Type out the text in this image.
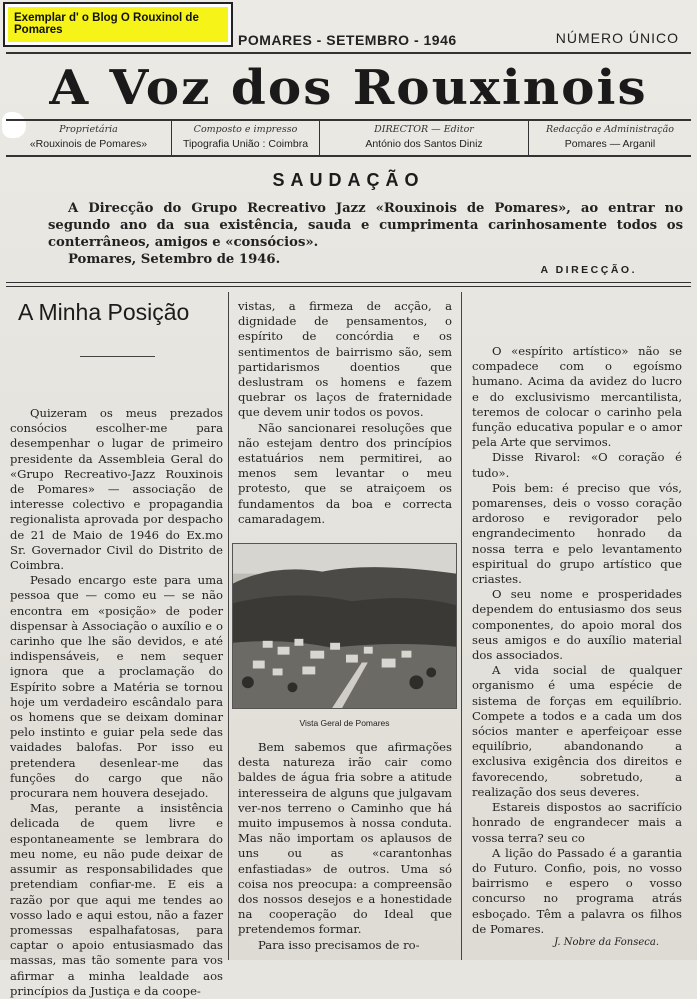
Exemplar d' o Blog O Rouxinol de Pomares
POMARES - SETEMBRO - 1946	NÚMERO ÚNICO
A Voz dos Rouxinois
Proprietária
«Rouxinois de Pomares»
Composto e impresso
Tipografia União : Coimbra
DIRECTOR — Editor
António dos Santos Diniz
Redacção e Administração
Pomares — Arganil
SAUDAÇÃO

A Direcção do Grupo Recreativo Jazz «Rouxinois de Pomares», ao entrar no segundo ano da sua existência, sauda e cumprimenta carinhosamente todos os conterrâneos, amigos e «consócios».

Pomares, Setembro de 1946.
A DIRECÇÃO.
A Minha Posição

Quizeram os meus prezados consócios escolher-me para desempenhar o lugar de primeiro presidente da Assembleia Geral do «Grupo Recreativo-Jazz Rouxinois de Pomares» — associação de interesse colectivo e propagandia regionalista aprovada por despacho de 21 de Maio de 1946 do Ex.mo Sr. Governador Civil do Distrito de Coimbra.

Pesado encargo este para uma pessoa que — como eu — se não encontra em «posição» de poder dispensar à Associação o auxílio e o carinho que lhe são devidos, e até indispensáveis, e nem sequer ignora que a proclamação do Espírito sobre a Matéria se tornou hoje um verdadeiro escândalo para os homens que se deixam dominar pelo instinto e guiar pela sede das vaidades balofas. Por isso eu pretendera desenlear-me das funções do cargo que não procurara nem houvera desejado.

Mas, perante a insistência delicada de quem livre e espontaneamente se lembrara do meu nome, eu não pude deixar de assumir as responsabilidades que pretendiam confiar-me. E eis a razão por que aqui me tendes ao vosso lado e aqui estou, não a fazer promessas espalhafatosas, para captar o apoio entusiasmado das massas, mas tão somente para vos afirmar a minha lealdade aos princípios da Justiça e da coope-

vistas, a firmeza de acção, a dignidade de pensamentos, o espírito de concórdia e os sentimentos de bairrismo são, sem partidarismos doentios que deslustram os homens e fazem quebrar os laços de fraternidade que devem unir todos os povos.

Não sancionarei resoluções que não estejam dentro dos princípios estatuários nem permitirei, ao menos sem levantar o meu protesto, que se atraiçoem os fundamentos da boa e correcta camaradagem.

Vista Geral de Pomares

Bem sabemos que afirmações desta natureza irão cair como baldes de água fria sobre a atitude interesseira de alguns que julgavam ver-nos terreno o Caminho que há muito impusemos à nossa conduta. Mas não importam os aplausos de uns ou as «carantonhas enfastiadas» de outros. Uma só coisa nos preocupa: a compreensão dos nossos desejos e a honestidade na cooperação do Ideal que pretendemos formar.

Para isso precisamos de ro-

O «espírito artístico» não se compadece com o egoísmo humano. Acima da avidez do lucro e do exclusivismo mercantilista, teremos de colocar o carinho pela função educativa popular e o amor pela Arte que servimos.

Disse Rivarol: «O coração é tudo».

Pois bem: é preciso que vós, pomarenses, deis o vosso coração ardoroso e revigorador pelo engrandecimento honrado da nossa terra e pelo levantamento espiritual do grupo artístico que criastes.

O seu nome e prosperidades dependem do entusiasmo dos seus componentes, do apoio moral dos seus amigos e do auxílio material dos associados.

A vida social de qualquer organismo é uma espécie de sistema de forças em equilíbrio. Compete a todos e a cada um dos sócios manter e aperfeiçoar esse equilíbrio, abandonando a exclusiva exigência dos direitos e favorecendo, sobretudo, a realização dos seus deveres.

Estareis dispostos ao sacrifício honrado de engrandecer mais a vossa terra? seu co

A lição do Passado é a garantia do Futuro. Confio, pois, no vosso bairrismo e espero o vosso concurso no programa atrás esboçado. Têm a palavra os filhos de Pomares.

J. Nobre da Fonseca.
